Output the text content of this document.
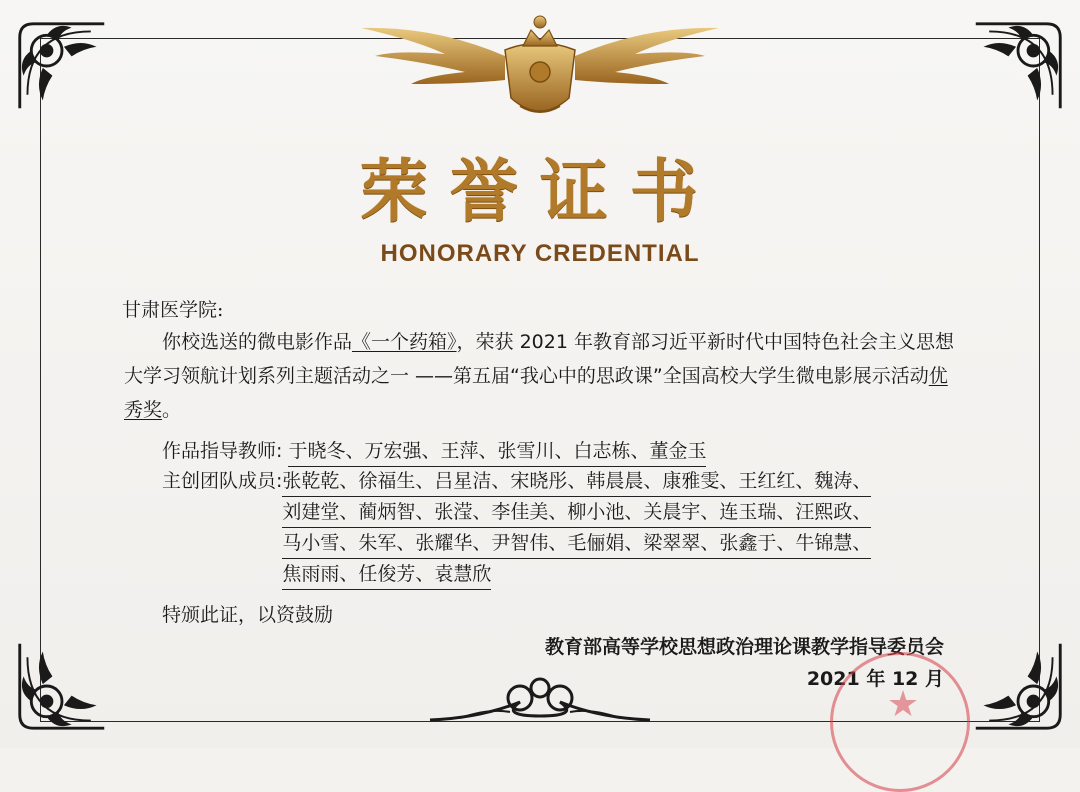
荣誉证书
HONORARY CREDENTIAL
甘肃医学院:
你校选送的微电影作品《一个药箱》，荣获 2021 年教育部习近平新时代中国特色社会主义思想大学习领航计划系列主题活动之一 ——第五届“我心中的思政课”全国高校大学生微电影展示活动优秀奖。
作品指导教师: 于晓冬、万宏强、王萍、张雪川、白志栋、董金玉
主创团队成员: 张乾乾、徐福生、吕星洁、宋晓彤、韩晨晨、康雅雯、王红红、魏涛、
刘建堂、蔺炳智、张滢、李佳美、柳小池、关晨宇、连玉瑞、汪熙政、
马小雪、朱军、张耀华、尹智伟、毛俪娟、梁翠翠、张鑫于、牛锦慧、
焦雨雨、任俊芳、袁慧欣
特颁此证，以资鼓励
教育部高等学校思想政治理论课教学指导委员会
2021 年 12 月
★
